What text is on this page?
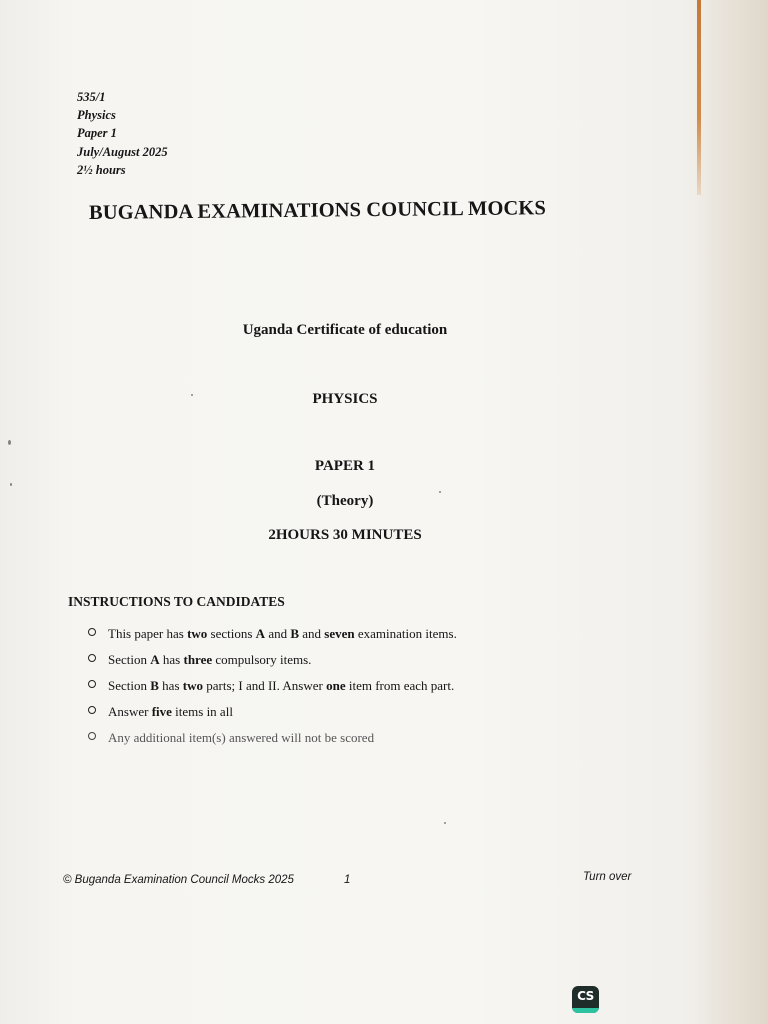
535/1
Physics
Paper 1
July/August 2025
2½ hours
BUGANDA EXAMINATIONS COUNCIL MOCKS
Uganda Certificate of education
PHYSICS
PAPER 1
(Theory)
2HOURS 30 MINUTES
INSTRUCTIONS TO CANDIDATES
This paper has two sections A and B and seven examination items.
Section A has three compulsory items.
Section B has two parts; I and II. Answer one item from each part.
Answer five items in all
Any additional item(s) answered will not be scored
© Buganda Examination Council Mocks 2025	1	Turn over
CS
